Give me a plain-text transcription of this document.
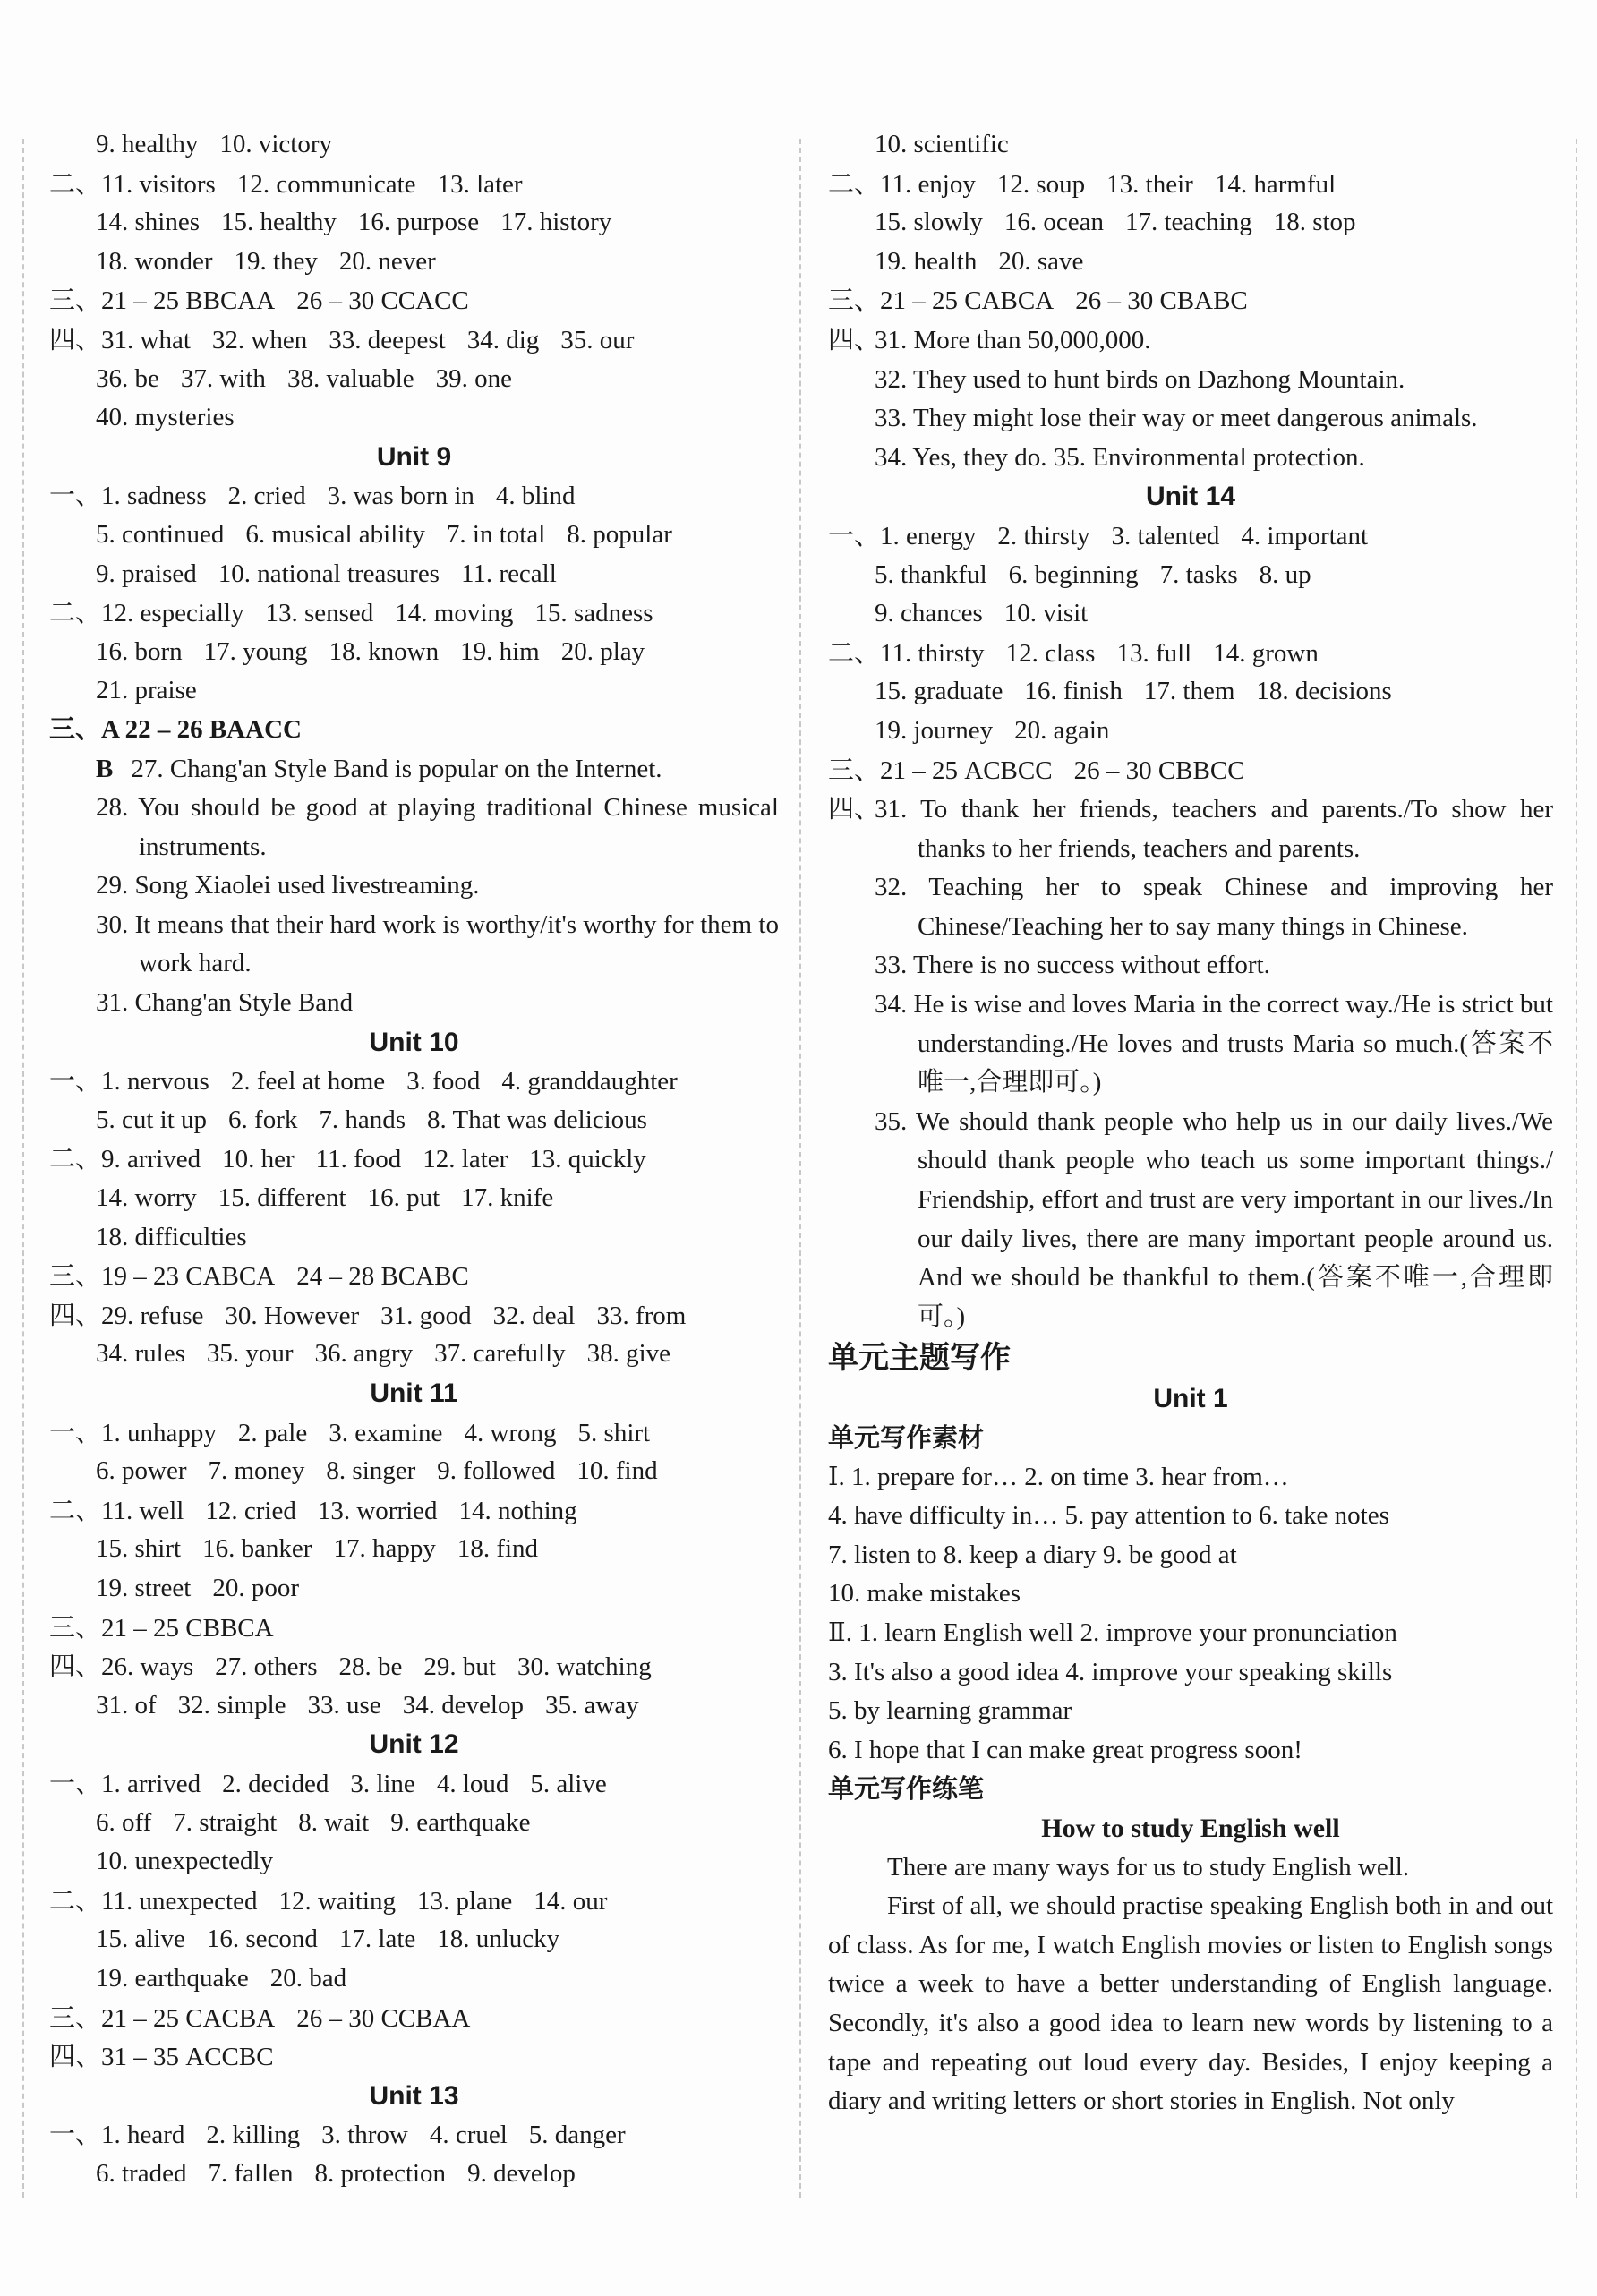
9. healthy 10. victory
二、11. visitors 12. communicate 13. later
14. shines 15. healthy 16. purpose 17. history
18. wonder 19. they 20. never
三、21 – 25 BBCAA 26 – 30 CCACC
四、31. what 32. when 33. deepest 34. dig 35. our
36. be 37. with 38. valuable 39. one
40. mysteries
Unit 9
一、1. sadness 2. cried 3. was born in 4. blind
5. continued 6. musical ability 7. in total 8. popular
9. praised 10. national treasures 11. recall
二、12. especially 13. sensed 14. moving 15. sadness
16. born 17. young 18. known 19. him 20. play
21. praise
三、A 22 – 26 BAACC
B 27. Chang'an Style Band is popular on the Internet.
28. You should be good at playing traditional Chinese musical instruments.
29. Song Xiaolei used livestreaming.
30. It means that their hard work is worthy/it's worthy for them to work hard.
31. Chang'an Style Band
Unit 10
一、1. nervous 2. feel at home 3. food 4. granddaughter
5. cut it up 6. fork 7. hands 8. That was delicious
二、9. arrived 10. her 11. food 12. later 13. quickly
14. worry 15. different 16. put 17. knife
18. difficulties
三、19 – 23 CABCA 24 – 28 BCABC
四、29. refuse 30. However 31. good 32. deal 33. from
34. rules 35. your 36. angry 37. carefully 38. give
Unit 11
一、1. unhappy 2. pale 3. examine 4. wrong 5. shirt
6. power 7. money 8. singer 9. followed 10. find
二、11. well 12. cried 13. worried 14. nothing
15. shirt 16. banker 17. happy 18. find
19. street 20. poor
三、21 – 25 CBBCA
四、26. ways 27. others 28. be 29. but 30. watching
31. of 32. simple 33. use 34. develop 35. away
Unit 12
一、1. arrived 2. decided 3. line 4. loud 5. alive
6. off 7. straight 8. wait 9. earthquake
10. unexpectedly
二、11. unexpected 12. waiting 13. plane 14. our
15. alive 16. second 17. late 18. unlucky
19. earthquake 20. bad
三、21 – 25 CACBA 26 – 30 CCBAA
四、31 – 35 ACCBC
Unit 13
一、1. heard 2. killing 3. throw 4. cruel 5. danger
6. traded 7. fallen 8. protection 9. develop
10. scientific
二、11. enjoy 12. soup 13. their 14. harmful
15. slowly 16. ocean 17. teaching 18. stop
19. health 20. save
三、21 – 25 CABCA 26 – 30 CBABC
四、31. More than 50,000,000.
32. They used to hunt birds on Dazhong Mountain.
33. They might lose their way or meet dangerous animals.
34. Yes, they do. 35. Environmental protection.
Unit 14
一、1. energy 2. thirsty 3. talented 4. important
5. thankful 6. beginning 7. tasks 8. up
9. chances 10. visit
二、11. thirsty 12. class 13. full 14. grown
15. graduate 16. finish 17. them 18. decisions
19. journey 20. again
三、21 – 25 ACBCC 26 – 30 CBBCC
四、31. To thank her friends, teachers and parents./To show her thanks to her friends, teachers and parents.
32. Teaching her to speak Chinese and improving her Chinese/Teaching her to say many things in Chinese.
33. There is no success without effort.
34. He is wise and loves Maria in the correct way./He is strict but understanding./He loves and trusts Maria so much.(答案不唯一,合理即可。)
35. We should thank people who help us in our daily lives./We should thank people who teach us some important things./ Friendship, effort and trust are very important in our lives./In our daily lives, there are many important people around us. And we should be thankful to them.(答案不唯一,合理即可。)
单元主题写作
Unit 1
单元写作素材
Ⅰ. 1. prepare for… 2. on time 3. hear from…
4. have difficulty in… 5. pay attention to 6. take notes
7. listen to 8. keep a diary 9. be good at
10. make mistakes
Ⅱ. 1. learn English well 2. improve your pronunciation
3. It's also a good idea 4. improve your speaking skills
5. by learning grammar
6. I hope that I can make great progress soon!
单元写作练笔
How to study English well
There are many ways for us to study English well.
First of all, we should practise speaking English both in and out of class. As for me, I watch English movies or listen to English songs twice a week to have a better understanding of English language. Secondly, it's also a good idea to learn new words by listening to a tape and repeating out loud every day. Besides, I enjoy keeping a diary and writing letters or short stories in English. Not only
